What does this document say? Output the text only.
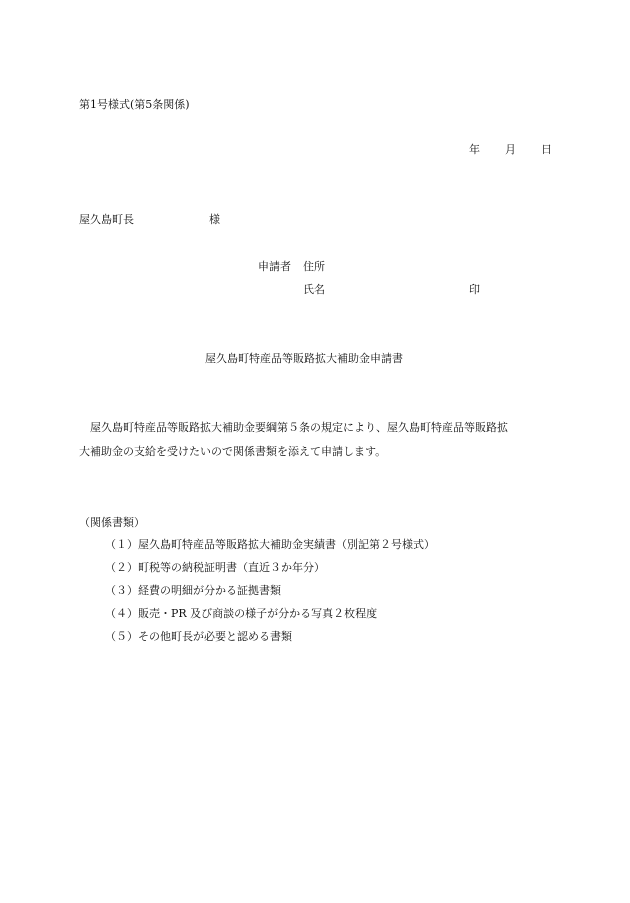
第1号様式(第5条関係)
年 月 日
屋久島町長	様
申請者 住所
氏名	印
屋久島町特産品等販路拡大補助金申請書
屋久島町特産品等販路拡大補助金要綱第５条の規定により、屋久島町特産品等販路拡
大補助金の支給を受けたいので関係書類を添えて申請します。
（関係書類）
（１）屋久島町特産品等販路拡大補助金実績書（別記第２号様式）
（２）町税等の納税証明書（直近３か年分）
（３）経費の明細が分かる証拠書類
（４）販売・PR 及び商談の様子が分かる写真２枚程度
（５）その他町長が必要と認める書類
